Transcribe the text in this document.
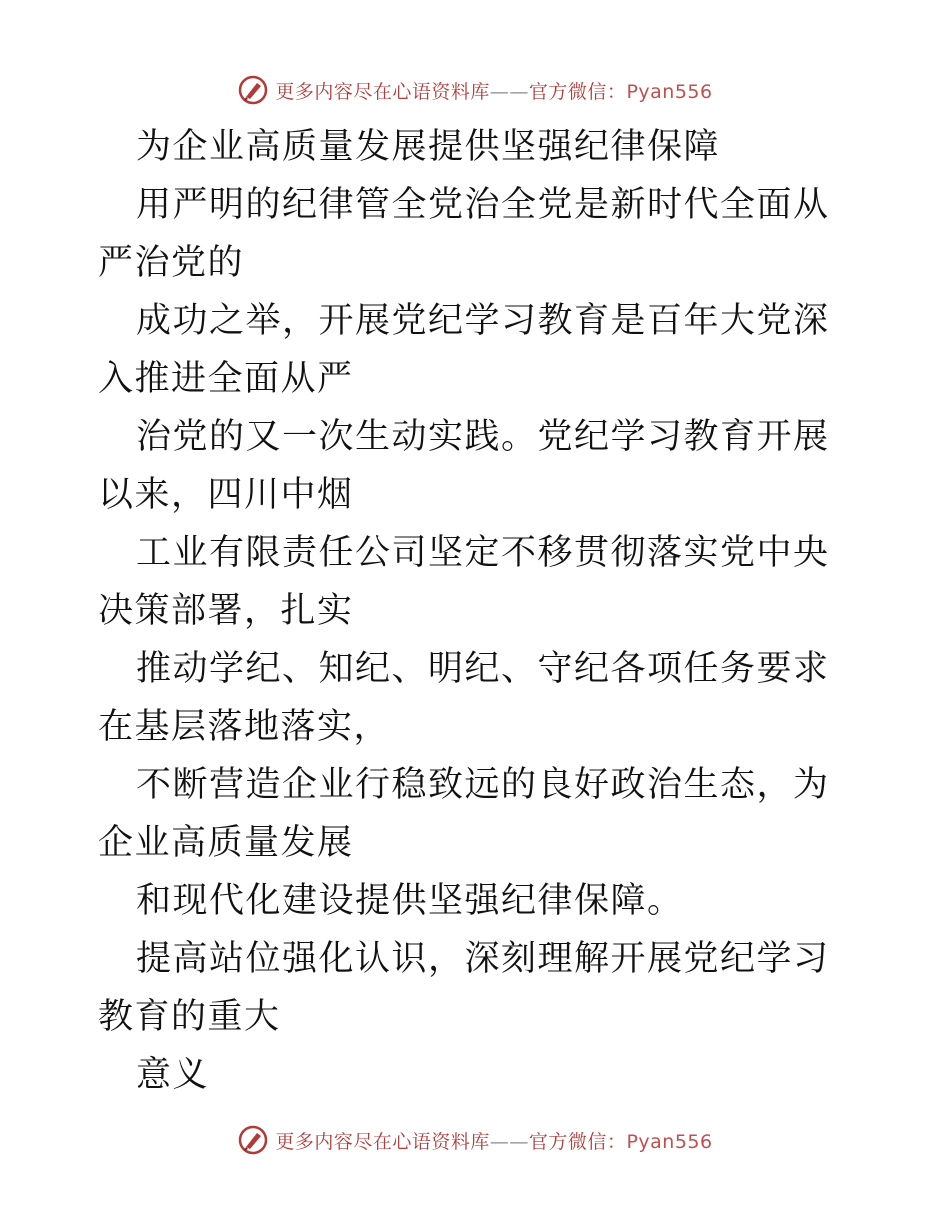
更多内容尽在心语资料库——官方微信：Pyan556

为企业高质量发展提供坚强纪律保障

用严明的纪律管全党治全党是新时代全面从严治党的

成功之举，开展党纪学习教育是百年大党深入推进全面从严

治党的又一次生动实践。党纪学习教育开展以来，四川中烟

工业有限责任公司坚定不移贯彻落实党中央决策部署，扎实

推动学纪、知纪、明纪、守纪各项任务要求在基层落地落实，

不断营造企业行稳致远的良好政治生态，为企业高质量发展

和现代化建设提供坚强纪律保障。

提高站位强化认识，深刻理解开展党纪学习教育的重大

意义

更多内容尽在心语资料库——官方微信：Pyan556
